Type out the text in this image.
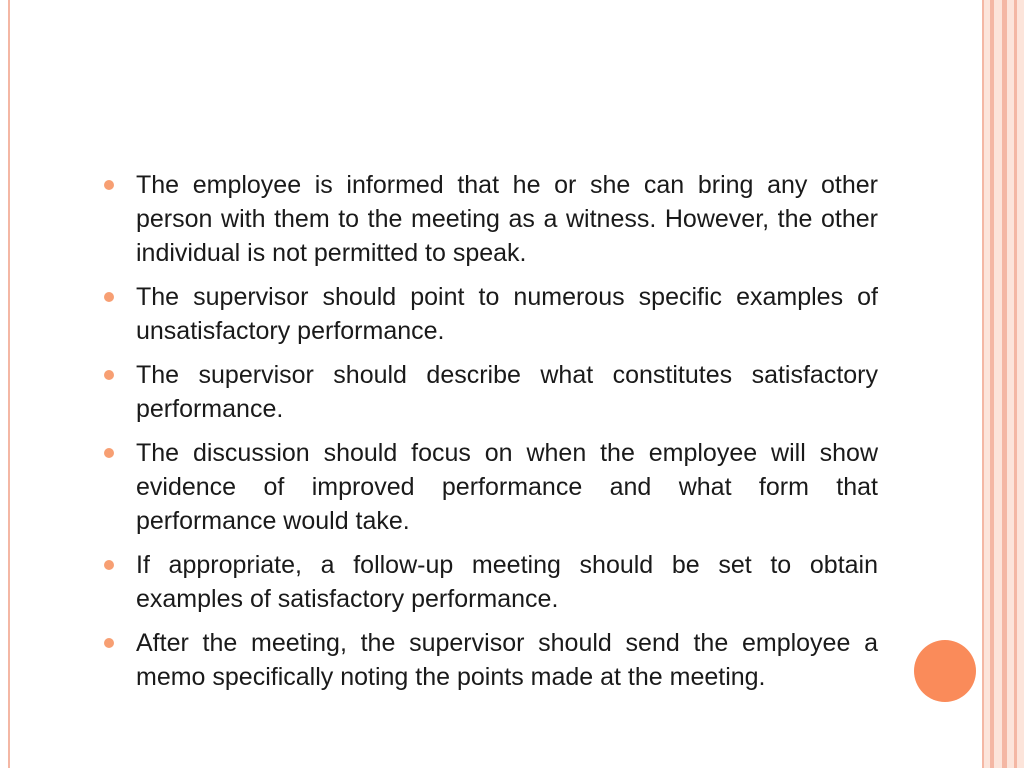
The employee is informed that he or she can bring any other person with them to the meeting as a witness. However, the other individual is not permitted to speak.
The supervisor should point to numerous specific examples of unsatisfactory performance.
The supervisor should describe what constitutes satisfactory performance.
The discussion should focus on when the employee will show evidence of improved performance and what form that performance would take.
If appropriate, a follow-up meeting should be set to obtain examples of satisfactory performance.
After the meeting, the supervisor should send the employee a memo specifically noting the points made at the meeting.
